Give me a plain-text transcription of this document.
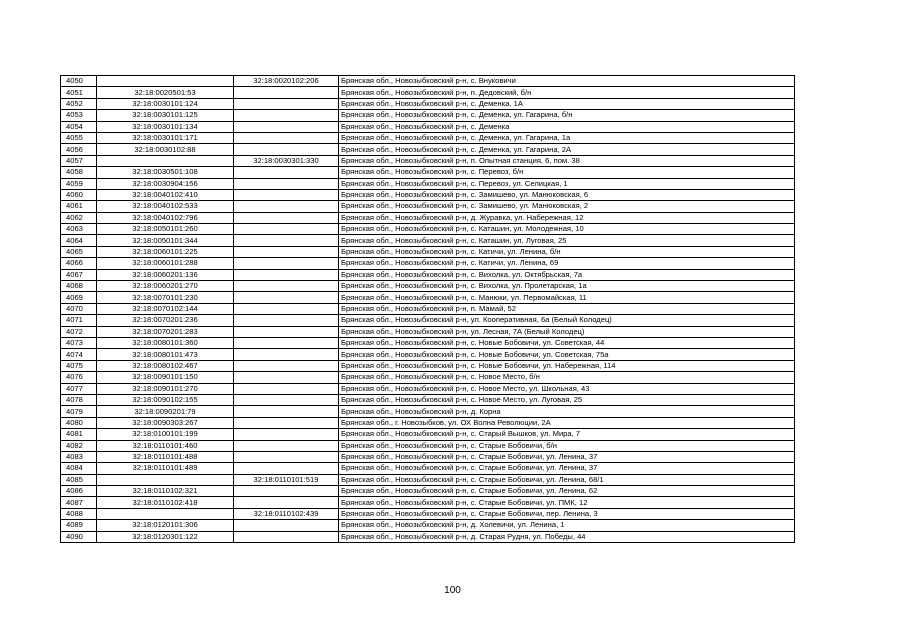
4050		32:18:0020102:206	Брянская обл., Новозыбковский р-н, с. Внуковичи
4051	32:18:0020501:53		Брянская обл., Новозыбковский р-н, п. Дедовский, б/н
4052	32:18:0030101:124		Брянская обл., Новозыбковский р-н, с. Деменка, 1А
4053	32:18:0030101:125		Брянская обл., Новозыбковский р-н, с. Деменка, ул. Гагарина, б/н
4054	32:18:0030101:134		Брянская обл., Новозыбковский р-н, с. Деменка
4055	32:18:0030101:171		Брянская обл., Новозыбковский р-н, с. Деменка, ул. Гагарина, 1а
4056	32:18:0030102:88		Брянская обл., Новозыбковский р-н, с. Деменка, ул. Гагарина, 2А
4057		32:18:0030301:330	Брянская обл., Новозыбковский р-н, п. Опытная станция, 6, пом. 38
4058	32:18:0030501:108		Брянская обл., Новозыбковский р-н, с. Перевоз, б/н
4059	32:18:0030904:156		Брянская обл., Новозыбковский р-н, с. Перевоз, ул. Селицкая, 1
4060	32:18:0040102:410		Брянская обл., Новозыбковский р-н, с. Замишево, ул. Манюковская, 6
4061	32:18:0040102:533		Брянская обл., Новозыбковский р-н, с. Замишево, ул. Манюковская, 2
4062	32:18:0040102:796		Брянская обл., Новозыбковский р-н, д. Журавка, ул. Набережная, 12
4063	32:18:0050101:260		Брянская обл., Новозыбковский р-н, с. Каташин, ул. Молодежная, 10
4064	32:18:0050101:344		Брянская обл., Новозыбковский р-н, с. Каташин, ул. Луговая, 25
4065	32:18:0060101:225		Брянская обл., Новозыбковский р-н, с. Катичи, ул. Ленина, б/н
4066	32:18:0060101:288		Брянская обл., Новозыбковский р-н, с. Катичи, ул. Ленина, 69
4067	32:18:0060201:136		Брянская обл., Новозыбковский р-н, с. Вихолка, ул. Октябрьская, 7а
4068	32:18:0060201:270		Брянская обл., Новозыбковский р-н, с. Вихолка, ул. Пролетарская, 1а
4069	32:18:0070101:230		Брянская обл., Новозыбковский р-н, с. Манюки, ул. Первомайская, 11
4070	32:18:0070102:144		Брянская обл., Новозыбковский р-н, п. Мамай, 52
4071	32:18:0070201:236		Брянская обл., Новозыбковский р-н, ул. Кооперативная, 6а (Белый Колодец)
4072	32:18:0070201:283		Брянская обл., Новозыбковский р-н, ул. Лесная, 7А (Белый Колодец)
4073	32:18:0080101:360		Брянская обл., Новозыбковский р-н, с. Новые Бобовичи, ул. Советская, 44
4074	32:18:0080101:473		Брянская обл., Новозыбковский р-н, с. Новые Бобовичи, ул. Советская, 75а
4075	32:18:0080102:467		Брянская обл., Новозыбковский р-н, с. Новые Бобовичи, ул. Набережная, 114
4076	32:18:0090101:150		Брянская обл., Новозыбковский р-н, с. Новое Место, б/н
4077	32:18:0090101:270		Брянская обл., Новозыбковский р-н, с. Новое Место, ул. Школьная, 43
4078	32:18:0090102:155		Брянская обл., Новозыбковский р-н, с. Новое Место, ул. Луговая, 25
4079	32:18:0090201:79		Брянская обл., Новозыбковский р-н, д. Корна
4080	32:18:0090303:267		Брянская обл., г. Новозыбков, ул. ОХ Волна Революции, 2А
4081	32:18:0100101:199		Брянская обл., Новозыбковский р-н, с. Старый Вышков, ул. Мира, 7
4082	32:18:0110101:460		Брянская обл., Новозыбковский р-н, с. Старые Бобовичи, б/н
4083	32:18:0110101:488		Брянская обл., Новозыбковский р-н, с. Старые Бобовичи, ул. Ленина, 37
4084	32:18:0110101:489		Брянская обл., Новозыбковский р-н, с. Старые Бобовичи, ул. Ленина, 37
4085		32:18:0110101:519	Брянская обл., Новозыбковский р-н, с. Старые Бобовичи, ул. Ленина, 68/1
4086	32:18:0110102:321		Брянская обл., Новозыбковский р-н, с. Старые Бобовичи, ул. Ленина, 62
4087	32:18:0110102:418		Брянская обл., Новозыбковский р-н, с. Старые Бобовичи, ул. ПМК, 12
4088		32:18:0110102:439	Брянская обл., Новозыбковский р-н, с. Старые Бобовичи, пер. Ленина, 3
4089	32:18:0120101:306		Брянская обл., Новозыбковский р-н, д. Холевичи, ул. Ленина, 1
4090	32:18:0120301:122		Брянская обл., Новозыбковский р-н, д. Старая Рудня, ул. Победы, 44
100
